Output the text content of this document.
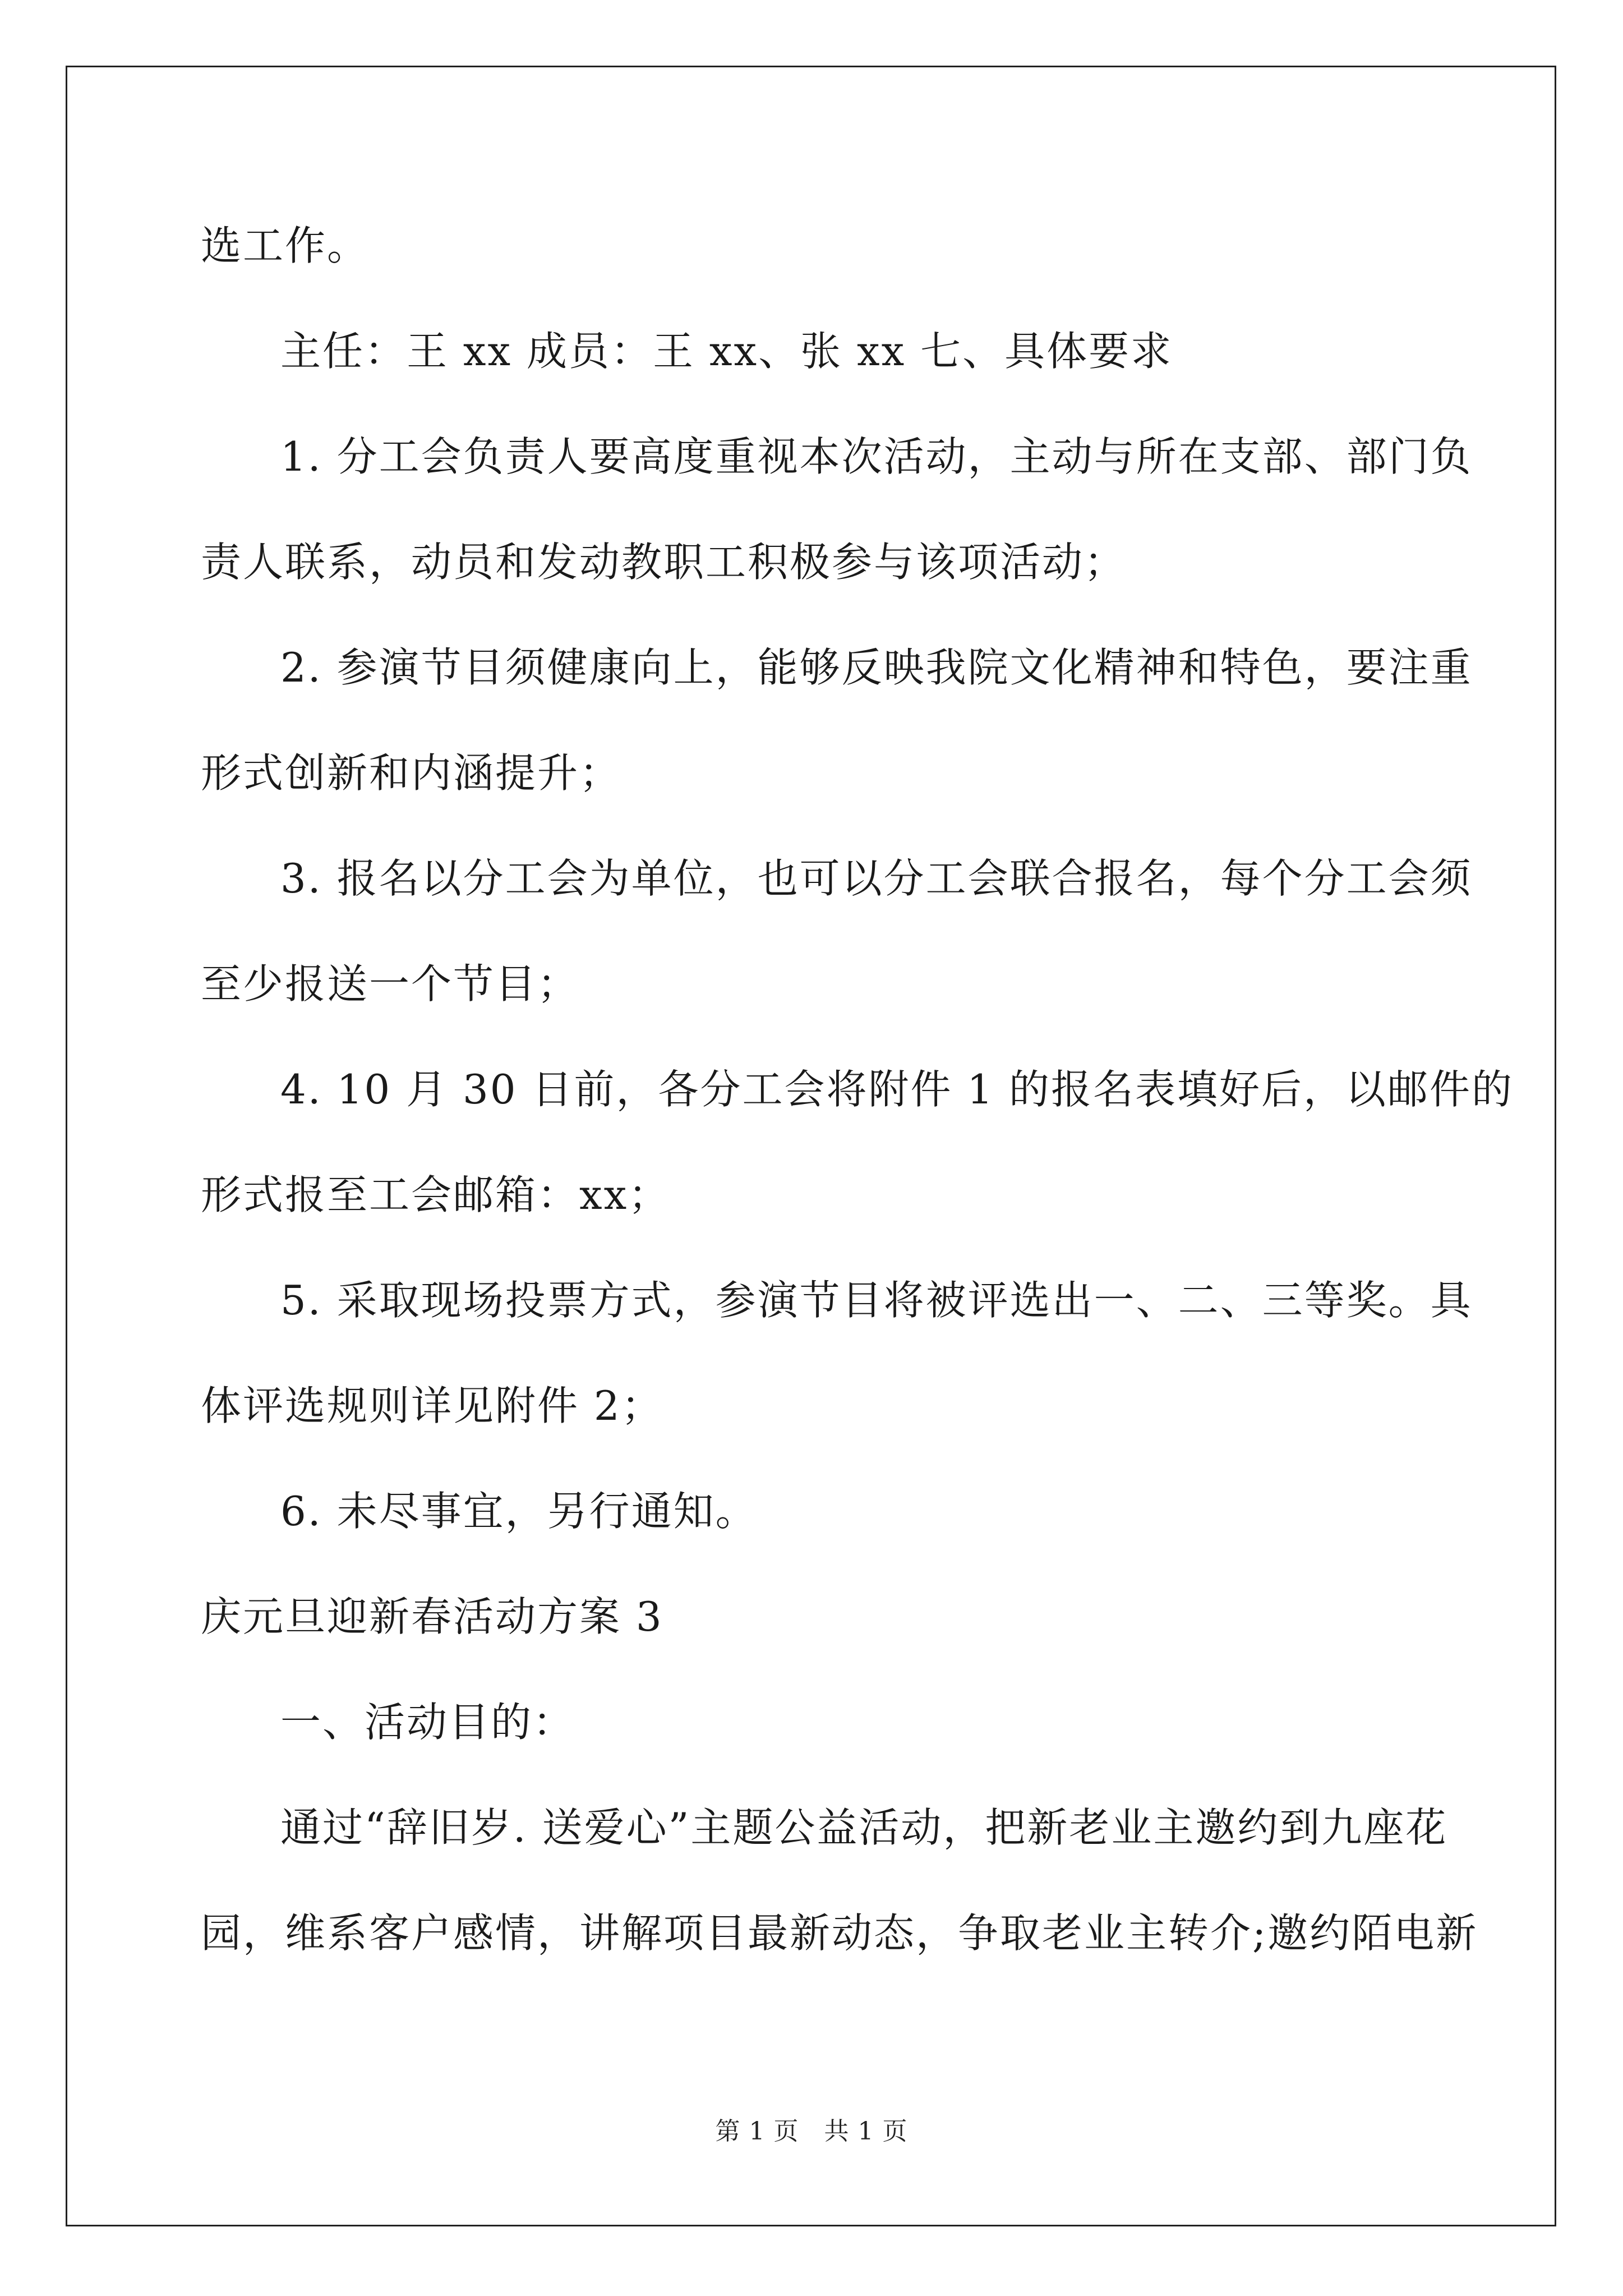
选工作。
主任：王 xx 成员：王 xx、张 xx 七、具体要求
1. 分工会负责人要高度重视本次活动，主动与所在支部、部门负
责人联系，动员和发动教职工积极参与该项活动；
2. 参演节目须健康向上，能够反映我院文化精神和特色，要注重
形式创新和内涵提升；
3. 报名以分工会为单位，也可以分工会联合报名，每个分工会须
至少报送一个节目；
4. 10 月 30 日前，各分工会将附件 1 的报名表填好后，以邮件的
形式报至工会邮箱：xx；
5. 采取现场投票方式，参演节目将被评选出一、二、三等奖。具
体评选规则详见附件 2；
6. 未尽事宜，另行通知。
庆元旦迎新春活动方案 3
一、活动目的：
通过“辞旧岁. 送爱心”主题公益活动，把新老业主邀约到九座花
园，维系客户感情，讲解项目最新动态，争取老业主转介;邀约陌电新
第 1 页   共 1 页
